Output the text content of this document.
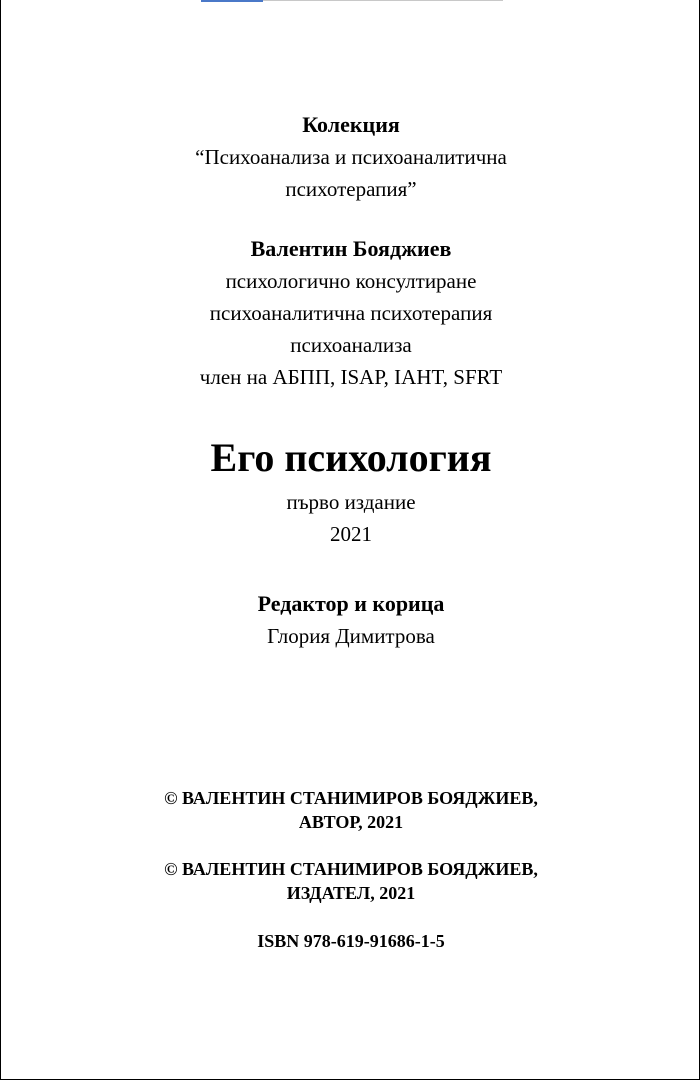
Колекция
“Психоанализа и психоаналитична
психотерапия”
Валентин Бояджиев
психологично консултиране
психоаналитична психотерапия
психоанализа
член на АБПП, ISAP, IAHT, SFRT
Его психология
първо издание
2021
Редактор и корица
Глория Димитрова
© ВАЛЕНТИН СТАНИМИРОВ БОЯДЖИЕВ,
АВТОР, 2021
© ВАЛЕНТИН СТАНИМИРОВ БОЯДЖИЕВ,
ИЗДАТЕЛ, 2021
ISBN 978-619-91686-1-5
